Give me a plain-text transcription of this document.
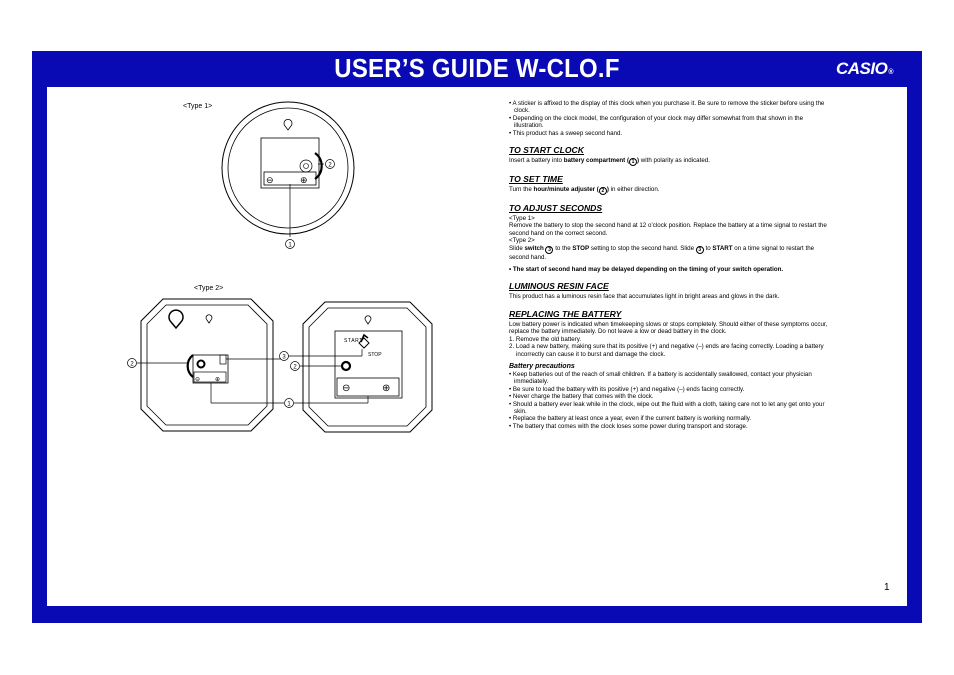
USER’S GUIDE W-CLO.F	CASIO®
<Type 1>
⊖	⊕
2
1
<Type 2>
⊖ ⊕
2
START
STOP
⊖	⊕
3
2
1

• A sticker is affixed to the display of this clock when you purchase it. Be sure to remove the sticker before using the clock.

• Depending on the clock model, the configuration of your clock may differ somewhat from that shown in the illustration.

• This product has a sweep second hand.

TO START CLOCK

Insert a battery into battery compartment ( 1 ) with polarity as indicated.

TO SET TIME

Turn the hour/minute adjuster ( 2 ) in either direction.

TO ADJUST SECONDS

<Type 1>

Remove the battery to stop the second hand at 12 o’clock position. Replace the battery at a time signal to restart the second hand on the correct second.

<Type 2>

Slide switch 3 to the STOP setting to stop the second hand. Slide 3 to START on a time signal to restart the second hand.

• The start of second hand may be delayed depending on the timing of your switch operation.

LUMINOUS RESIN FACE

This product has a luminous resin face that accumulates light in bright areas and glows in the dark.

REPLACING THE BATTERY

Low battery power is indicated when timekeeping slows or stops completely. Should either of these symptoms occur, replace the battery immediately. Do not leave a low or dead battery in the clock.

1. Remove the old battery.

2. Load a new battery, making sure that its positive (+) and negative (–) ends are facing correctly. Loading a battery incorrectly can cause it to burst and damage the clock.

Battery precautions

• Keep batteries out of the reach of small children. If a battery is accidentally swallowed, contact your physician immediately.

• Be sure to load the battery with its positive (+) and negative (–) ends facing correctly.

• Never charge the battery that comes with the clock.

• Should a battery ever leak while in the clock, wipe out the fluid with a cloth, taking care not to let any get onto your skin.

• Replace the battery at least once a year, even if the current battery is working normally.

• The battery that comes with the clock loses some power during transport and storage.

1
